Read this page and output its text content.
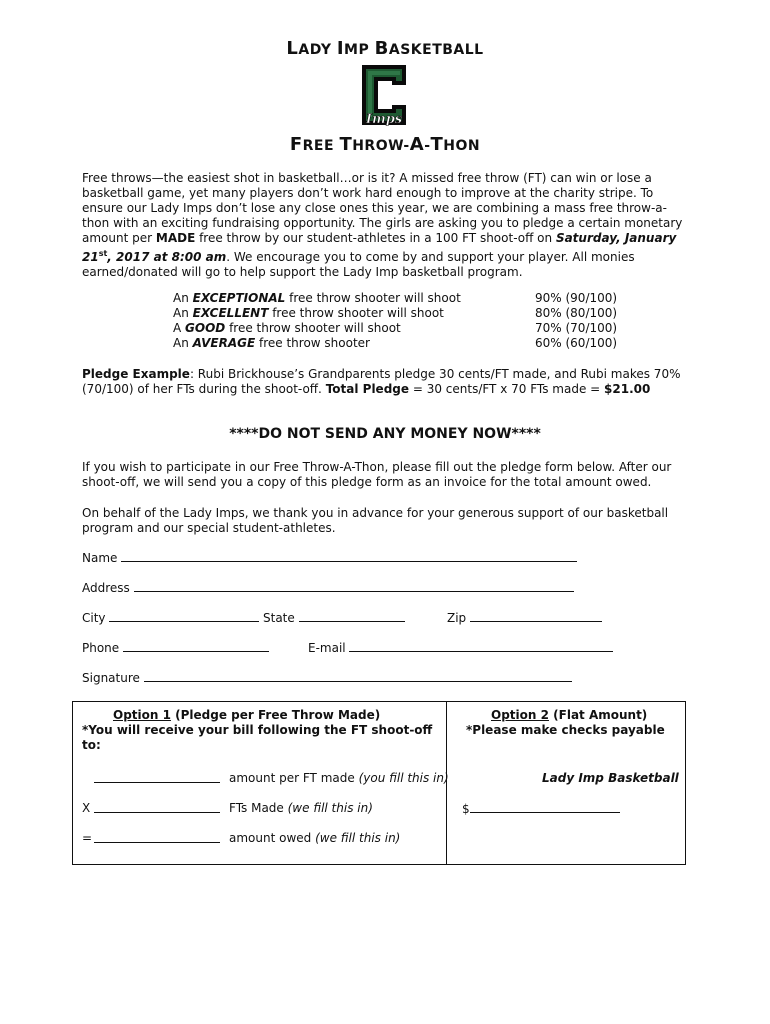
LADY IMP BASKETBALL
Imps
FREE THROW-A-THON
Free throws—the easiest shot in basketball…or is it? A missed free throw (FT) can win or lose a basketball game, yet many players don’t work hard enough to improve at the charity stripe. To ensure our Lady Imps don’t lose any close ones this year, we are combining a mass free throw-a-thon with an exciting fundraising opportunity. The girls are asking you to pledge a certain monetary amount per MADE free throw by our student-athletes in a 100 FT shoot-off on Saturday, January 21st, 2017 at 8:00 am. We encourage you to come by and support your player. All monies earned/donated will go to help support the Lady Imp basketball program.
An EXCEPTIONAL free throw shooter will shoot	90% (90/100)
An EXCELLENT free throw shooter will shoot	80% (80/100)
A GOOD free throw shooter will shoot	70% (70/100)
An AVERAGE free throw shooter	60% (60/100)
Pledge Example: Rubi Brickhouse’s Grandparents pledge 30 cents/FT made, and Rubi makes 70% (70/100) of her FTs during the shoot-off. Total Pledge = 30 cents/FT x 70 FTs made = $21.00
****DO NOT SEND ANY MONEY NOW****
If you wish to participate in our Free Throw-A-Thon, please fill out the pledge form below. After our shoot-off, we will send you a copy of this pledge form as an invoice for the total amount owed.
On behalf of the Lady Imps, we thank you in advance for your generous support of our basketball program and our special student-athletes.
Name
Address
City	State	Zip
Phone	E-mail
Signature
Option 1 (Pledge per Free Throw Made)
*You will receive your bill following the FT shoot-off to:
amount per FT made (you fill this in)
X	FTs Made (we fill this in)
=	amount owed (we fill this in)
Option 2 (Flat Amount)
*Please make checks payable
Lady Imp Basketball
$
